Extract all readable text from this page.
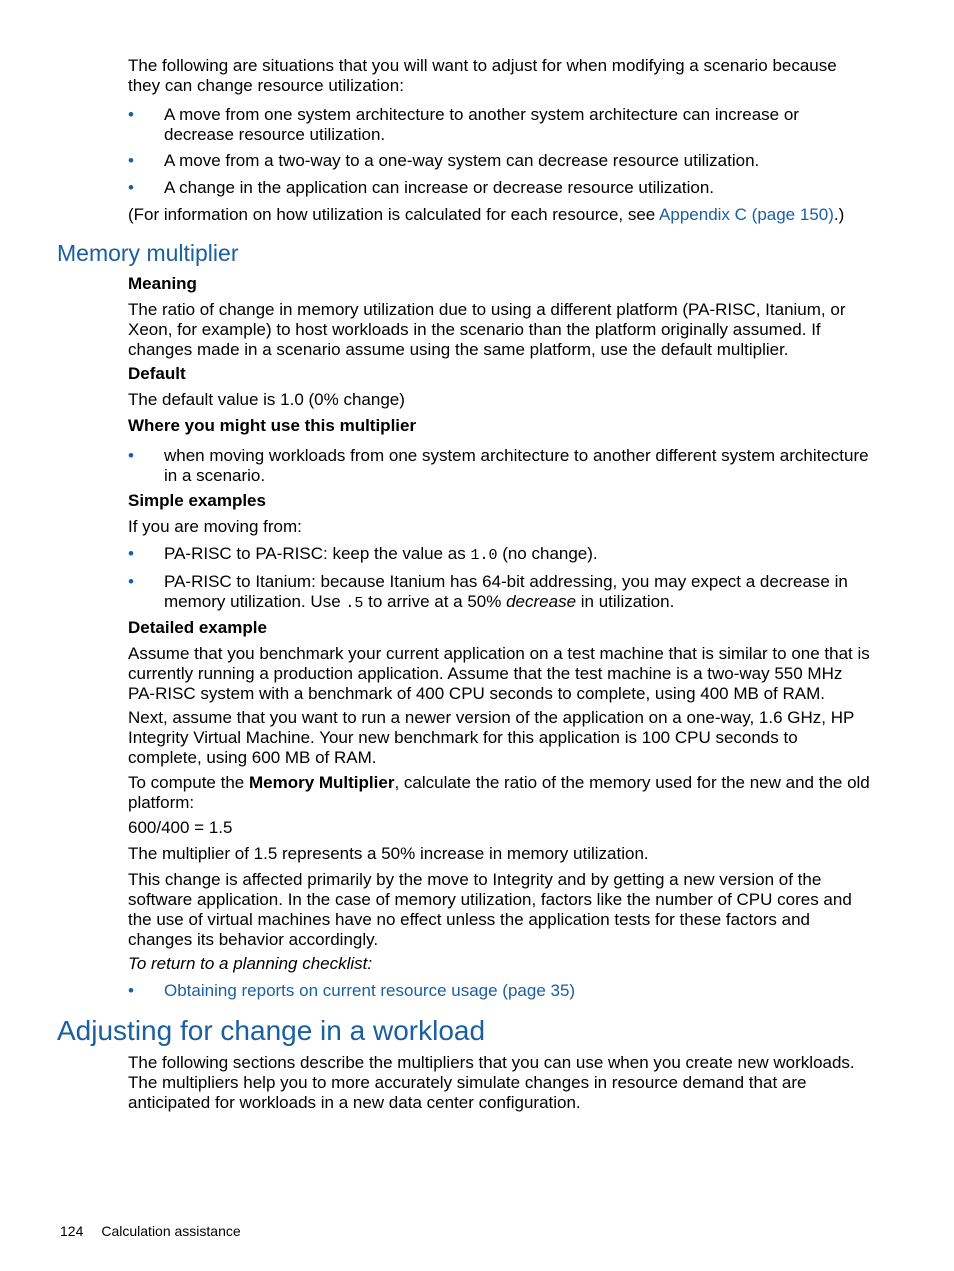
The following are situations that you will want to adjust for when modifying a scenario because they can change resource utilization:

•	A move from one system architecture to another system architecture can increase or decrease resource utilization.
•	A move from a two-way to a one-way system can decrease resource utilization.
•	A change in the application can increase or decrease resource utilization.

(For information on how utilization is calculated for each resource, see Appendix C (page 150).)

Memory multiplier

Meaning

The ratio of change in memory utilization due to using a different platform (PA-RISC, Itanium, or Xeon, for example) to host workloads in the scenario than the platform originally assumed. If changes made in a scenario assume using the same platform, use the default multiplier.

Default

The default value is 1.0 (0% change)

Where you might use this multiplier

•	when moving workloads from one system architecture to another different system architecture in a scenario.

Simple examples

If you are moving from:

•	PA-RISC to PA-RISC: keep the value as 1.0 (no change).
•	PA-RISC to Itanium: because Itanium has 64-bit addressing, you may expect a decrease in memory utilization. Use .5 to arrive at a 50% decrease in utilization.

Detailed example

Assume that you benchmark your current application on a test machine that is similar to one that is currently running a production application. Assume that the test machine is a two-way 550 MHz PA-RISC system with a benchmark of 400 CPU seconds to complete, using 400 MB of RAM.

Next, assume that you want to run a newer version of the application on a one-way, 1.6 GHz, HP Integrity Virtual Machine. Your new benchmark for this application is 100 CPU seconds to complete, using 600 MB of RAM.

To compute the Memory Multiplier, calculate the ratio of the memory used for the new and the old platform:

600/400 = 1.5

The multiplier of 1.5 represents a 50% increase in memory utilization.

This change is affected primarily by the move to Integrity and by getting a new version of the software application. In the case of memory utilization, factors like the number of CPU cores and the use of virtual machines have no effect unless the application tests for these factors and changes its behavior accordingly.

To return to a planning checklist:

•	Obtaining reports on current resource usage (page 35)
Adjusting for change in a workload

The following sections describe the multipliers that you can use when you create new workloads. The multipliers help you to more accurately simulate changes in resource demand that are anticipated for workloads in a new data center configuration.

124 Calculation assistance
